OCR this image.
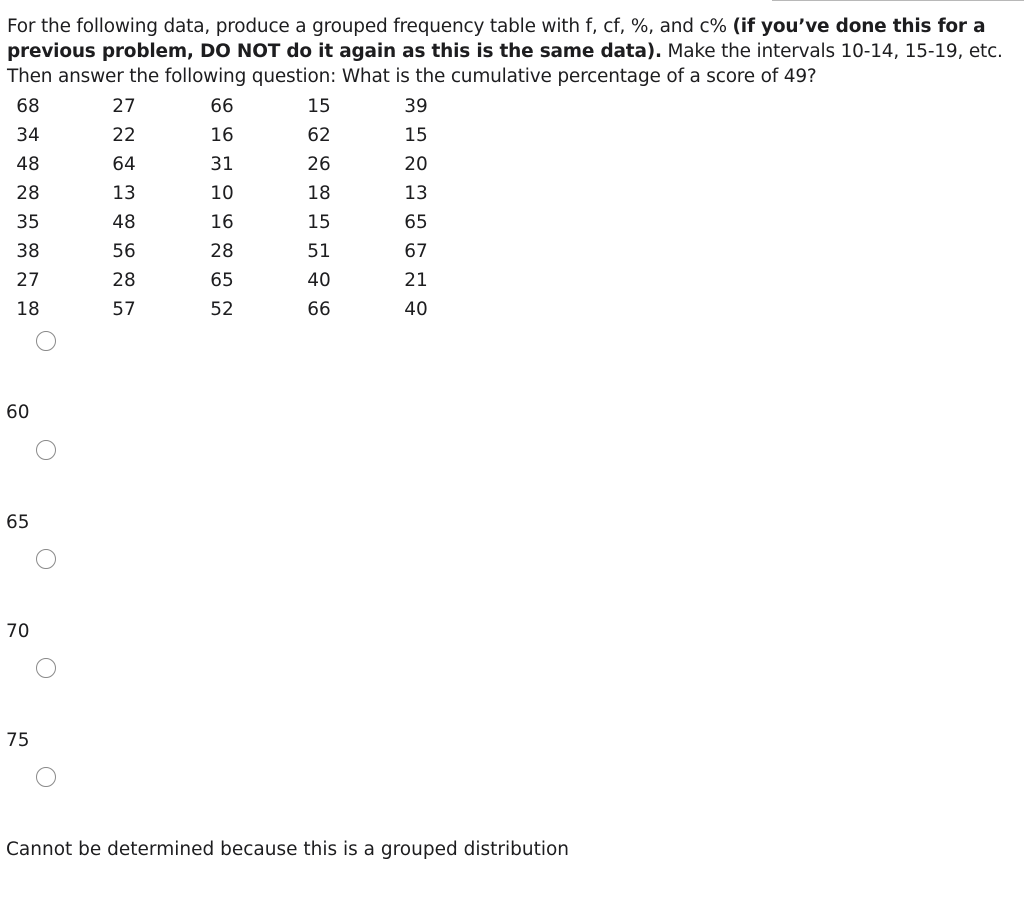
For the following data, produce a grouped frequency table with f, cf, %, and c% (if you’ve done this for a previous problem, DO NOT do it again as this is the same data). Make the intervals 10-14, 15-19, etc. Then answer the following question: What is the cumulative percentage of a score of 49?
68	27	66	15	39
34	22	16	62	15
48	64	31	26	20
28	13	10	18	13
35	48	16	15	65
38	56	28	51	67
27	28	65	40	21
18	57	52	66	40
60
65
70
75
Cannot be determined because this is a grouped distribution
